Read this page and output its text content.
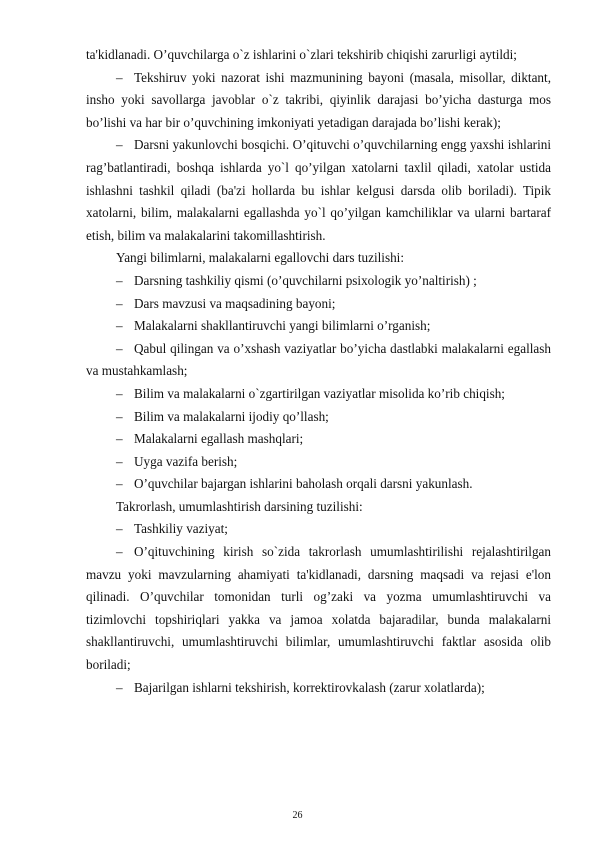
ta'kidlanadi. O’quvchilarga o`z ishlarini o`zlari tekshirib chiqishi zarurligi aytildi;

– Tekshiruv yoki nazorat ishi mazmunining bayoni (masala, misollar, diktant, insho yoki savollarga javoblar o`z takribi, qiyinlik darajasi bo’yicha dasturga mos bo’lishi va har bir o’quvchining imkoniyati yetadigan darajada bo’lishi kerak);

– Darsni yakunlovchi bosqichi. O’qituvchi o’quvchilarning engg yaxshi ishlarini rag’batlantiradi, boshqa ishlarda yo`l qo’yilgan xatolarni taxlil qiladi, xatolar ustida ishlashni tashkil qiladi (ba'zi hollarda bu ishlar kelgusi darsda olib boriladi). Tipik xatolarni, bilim, malakalarni egallashda yo`l qo’yilgan kamchiliklar va ularni bartaraf etish, bilim va malakalarini takomillashtirish.

Yangi bilimlarni, malakalarni egallovchi dars tuzilishi:

– Darsning tashkiliy qismi (o’quvchilarni psixologik yo’naltirish) ;

– Dars mavzusi va maqsadining bayoni;

– Malakalarni shakllantiruvchi yangi bilimlarni o’rganish;

– Qabul qilingan va o’xshash vaziyatlar bo’yicha dastlabki malakalarni egallash va mustahkamlash;

– Bilim va malakalarni o`zgartirilgan vaziyatlar misolida ko’rib chiqish;

– Bilim va malakalarni ijodiy qo’llash;

– Malakalarni egallash mashqlari;

– Uyga vazifa berish;

– O’quvchilar bajargan ishlarini baholash orqali darsni yakunlash.

Takrorlash, umumlashtirish darsining tuzilishi:

– Tashkiliy vaziyat;

– O’qituvchining kirish so`zida takrorlash umumlashtirilishi rejalashtirilgan mavzu yoki mavzularning ahamiyati ta'kidlanadi, darsning maqsadi va rejasi e'lon qilinadi. O’quvchilar tomonidan turli og’zaki va yozma umumlashtiruvchi va tizimlovchi topshiriqlari yakka va jamoa xolatda bajaradilar, bunda malakalarni shakllantiruvchi, umumlashtiruvchi bilimlar, umumlashtiruvchi faktlar asosida olib boriladi;

– Bajarilgan ishlarni tekshirish, korrektirovkalash (zarur xolatlarda);

26
